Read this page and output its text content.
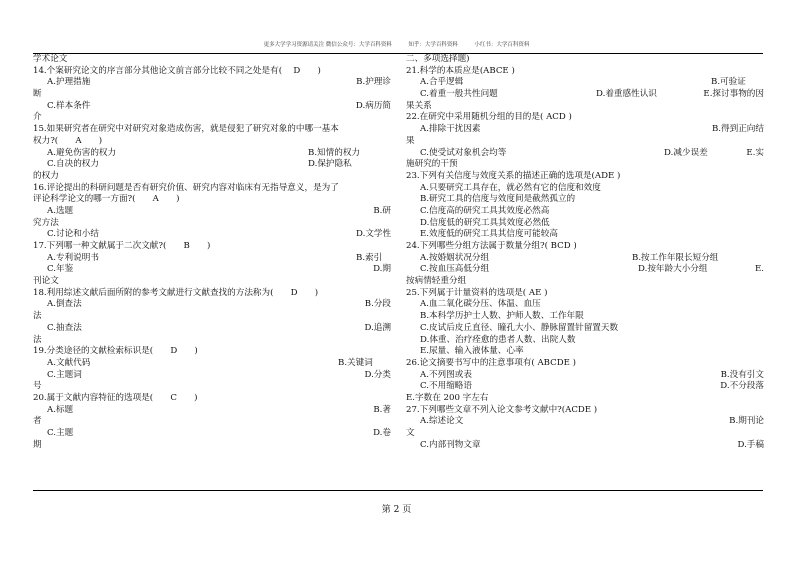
更多大学学习资源请关注 微信公众号：大学百科资料　　　知乎：大学百科资料　　　小红书：大学百科资料
学术论文
14.个案研究论文的序言部分其他论文前言部分比较不同之处是有(　 D　　)
A.护理措施	B.护理诊
断
C.样本条件	D.病历简
介
15.如果研究者在研究中对研究对象造成伤害，就是侵犯了研究对象的中哪一基本
权力?(　　A　　)
A.避免伤害的权力	B.知情的权力
C.自决的权力	D.保护隐私
的权力
16.评论提出的科研问题是否有研究价值、研究内容对临床有无指导意义，是为了
评论科学论文的哪一方面?(　　A　　)
A.选题	B.研
究方法
C.讨论和小结	D.文学性
17.下列哪一种文献属于二次文献?(　　B　　)
A.专利说明书	B.索引
C.年鉴	D.期
刊论文
18.利用综述文献后面所附的参考文献进行文献查找的方法称为(　　D　　)
A.倒查法	B.分段
法
C.抽查法	D.追溯
法
19.分类途径的文献检索标识是(　　D　　)
A.文献代码	B.关键词
C.主题词	D.分类
号
20.属于文献内容特征的选项是(　　C　　)
A.标题	B.著
者
C.主题	D.卷
期
二、多项选择题)
21.科学的本质应是(ABCE )
A.合乎逻辑	B.可验证
C.着重一般共性问题	D.着重感性认识	E.探讨事物的因
果关系
22.在研究中采用随机分组的目的是( ACD )
A.排除干扰因素	B.得到正向结
果
C.使受试对象机会均等	D.减少误差	E.实
施研究的干预
23.下列有关信度与效度关系的描述正确的选项是(ADE )
A.只要研究工具存在，就必然有它的信度和效度
B.研究工具的信度与效度间是截然孤立的
C.信度高的研究工具其效度必然高
D.信度低的研究工具其效度必然低
E.效度低的研究工具其信度可能较高
24.下列哪些分组方法属于数量分组?( BCD )
A.按婚姻状况分组	B.按工作年限长短分组
C.按血压高低分组	D.按年龄大小分组	E.
按病情轻重分组
25.下列属于计量资料的选项是( AE )
A.血二氧化碳分压、体温、血压
B.本科学历护士人数、护师人数、工作年限
C.皮试后皮丘直径、瞳孔大小、静脉留置针留置天数
D.体重、治疗痊愈的患者人数、出院人数
E.尿量、输入液体量、心率
26.论文摘要书写中的注意事项有( ABCDE )
A.不列图或表	B.没有引文
C.不用缩略语	D.不分段落
E.字数在 200 字左右
27.下列哪些文章不列入论文参考文献中?(ACDE )
A.综述论文	B.期刊论
文
C.内部刊物文章	D.手稿
第 2 页
